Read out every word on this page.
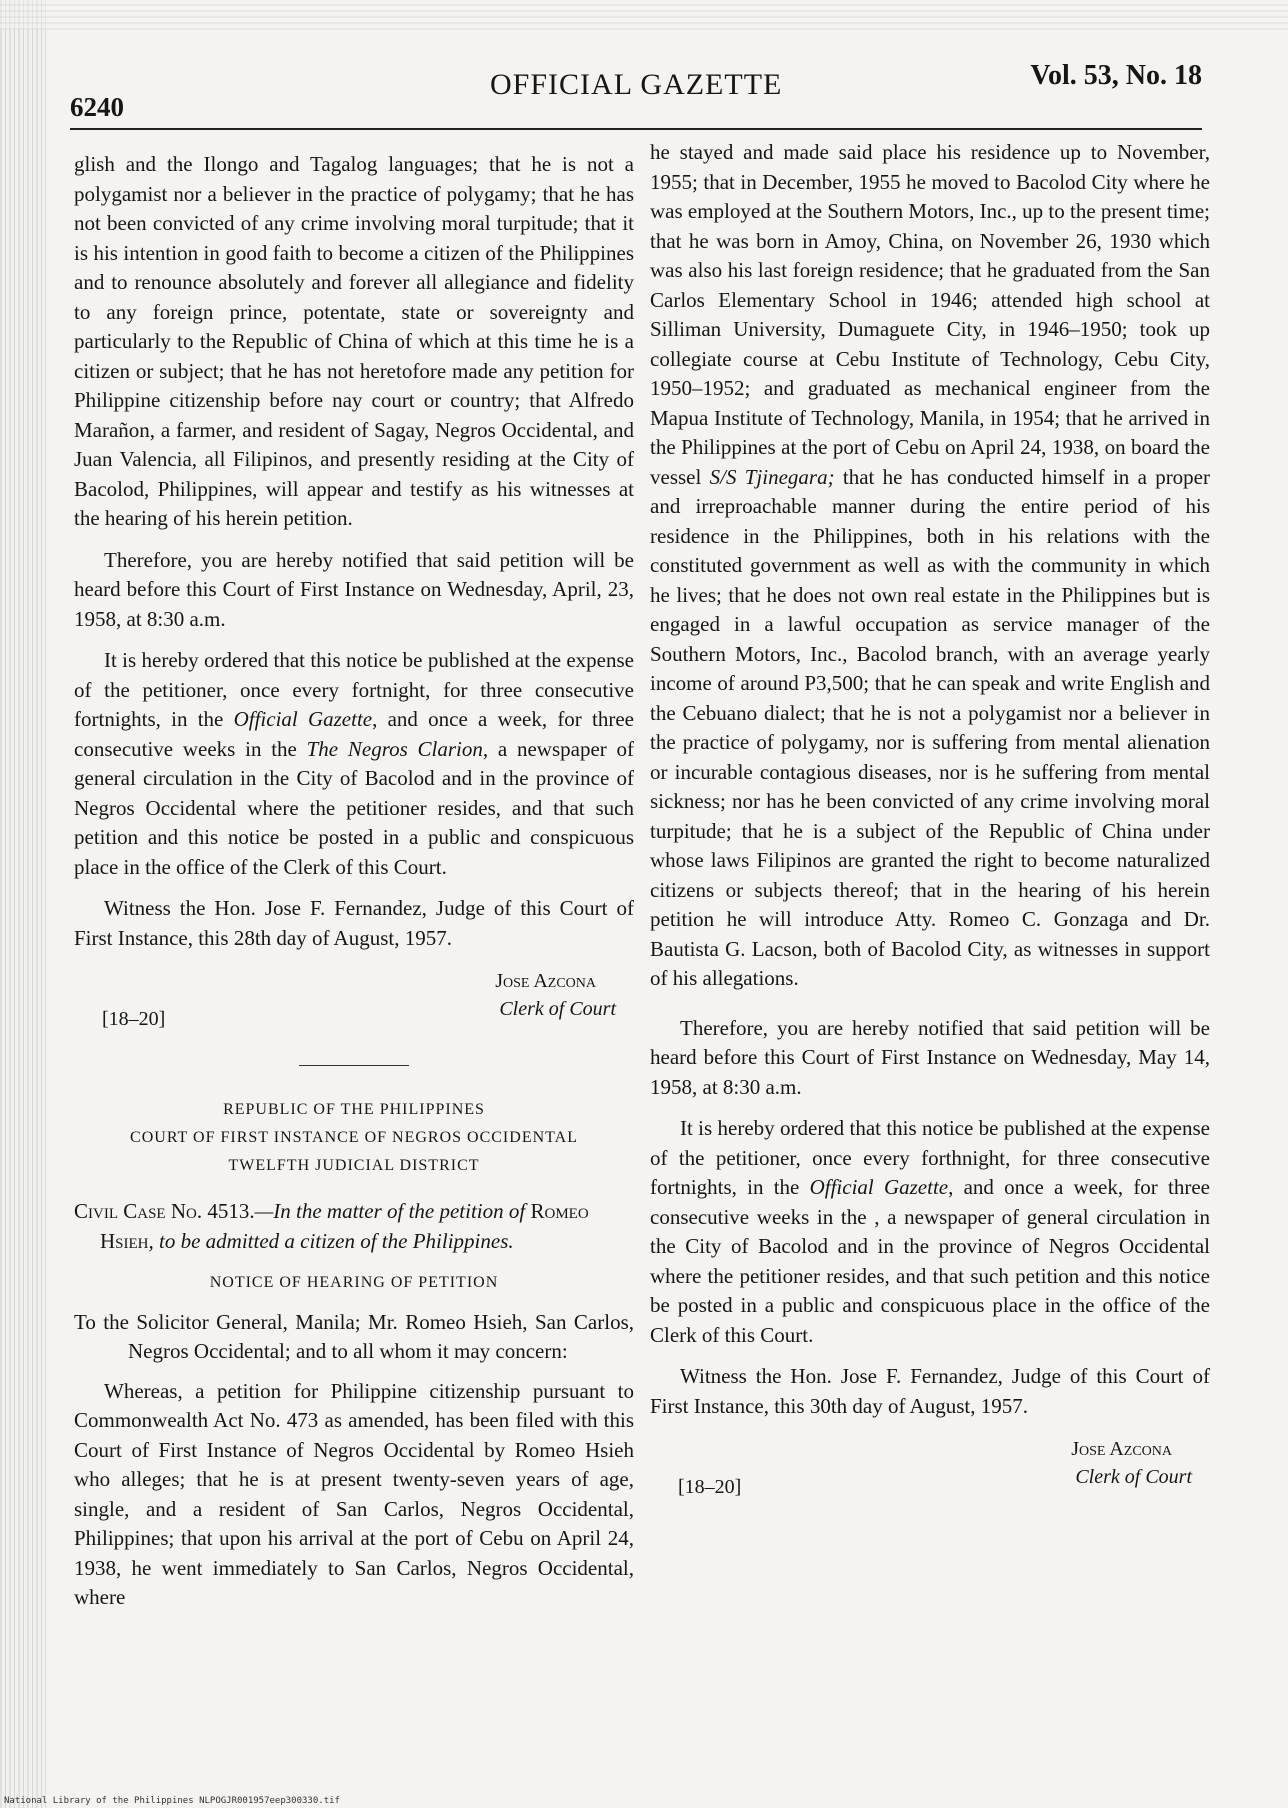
6240
OFFICIAL GAZETTE	Vol. 53, No. 18

glish and the Ilongo and Tagalog languages; that he is not a polygamist nor a believer in the practice of polygamy; that he has not been convicted of any crime involving moral turpitude; that it is his intention in good faith to become a citizen of the Philippines and to renounce absolutely and forever all allegiance and fidelity to any foreign prince, potentate, state or sovereignty and particularly to the Republic of China of which at this time he is a citizen or subject; that he has not heretofore made any petition for Philippine citizenship before nay court or country; that Alfredo Marañon, a farmer, and resident of Sagay, Negros Occidental, and Juan Valencia, all Filipinos, and presently residing at the City of Bacolod, Philippines, will appear and testify as his witnesses at the hearing of his herein petition.

Therefore, you are hereby notified that said petition will be heard before this Court of First Instance on Wednesday, April, 23, 1958, at 8:30 a.m.

It is hereby ordered that this notice be published at the expense of the petitioner, once every fortnight, for three consecutive fortnights, in the Official Gazette, and once a week, for three consecutive weeks in the The Negros Clarion, a newspaper of general circulation in the City of Bacolod and in the province of Negros Occidental where the petitioner resides, and that such petition and this notice be posted in a public and conspicuous place in the office of the Clerk of this Court.

Witness the Hon. Jose F. Fernandez, Judge of this Court of First Instance, this 28th day of August, 1957.

Jose Azcona
Clerk of Court
[18–20]
REPUBLIC OF THE PHILIPPINES
COURT OF FIRST INSTANCE OF NEGROS OCCIDENTAL
TWELFTH JUDICIAL DISTRICT
Civil Case No. 4513.—In the matter of the petition of Romeo Hsieh, to be admitted a citizen of the Philippines.
NOTICE OF HEARING OF PETITION

To the Solicitor General, Manila; Mr. Romeo Hsieh, San Carlos, Negros Occidental; and to all whom it may concern:

Whereas, a petition for Philippine citizenship pursuant to Commonwealth Act No. 473 as amended, has been filed with this Court of First Instance of Negros Occidental by Romeo Hsieh who alleges; that he is at present twenty-seven years of age, single, and a resident of San Carlos, Negros Occidental, Philippines; that upon his arrival at the port of Cebu on April 24, 1938, he went immediately to San Carlos, Negros Occidental, where

he stayed and made said place his residence up to November, 1955; that in December, 1955 he moved to Bacolod City where he was employed at the Southern Motors, Inc., up to the present time; that he was born in Amoy, China, on November 26, 1930 which was also his last foreign residence; that he graduated from the San Carlos Elementary School in 1946; attended high school at Silliman University, Dumaguete City, in 1946–1950; took up collegiate course at Cebu Institute of Technology, Cebu City, 1950–1952; and graduated as mechanical engineer from the Mapua Institute of Technology, Manila, in 1954; that he arrived in the Philippines at the port of Cebu on April 24, 1938, on board the vessel S/S Tjinegara; that he has conducted himself in a proper and irreproachable manner during the entire period of his residence in the Philippines, both in his relations with the constituted government as well as with the community in which he lives; that he does not own real estate in the Philippines but is engaged in a lawful occupation as service manager of the Southern Motors, Inc., Bacolod branch, with an average yearly income of around P3,500; that he can speak and write English and the Cebuano dialect; that he is not a polygamist nor a believer in the practice of polygamy, nor is suffering from mental alienation or incurable contagious diseases, nor is he suffering from mental sickness; nor has he been convicted of any crime involving moral turpitude; that he is a subject of the Republic of China under whose laws Filipinos are granted the right to become naturalized citizens or subjects thereof; that in the hearing of his herein petition he will introduce Atty. Romeo C. Gonzaga and Dr. Bautista G. Lacson, both of Bacolod City, as witnesses in support of his allegations.

Therefore, you are hereby notified that said petition will be heard before this Court of First Instance on Wednesday, May 14, 1958, at 8:30 a.m.

It is hereby ordered that this notice be published at the expense of the petitioner, once every forthnight, for three consecutive fortnights, in the Official Gazette, and once a week, for three consecutive weeks in the , a newspaper of general circulation in the City of Bacolod and in the province of Negros Occidental where the petitioner resides, and that such petition and this notice be posted in a public and conspicuous place in the office of the Clerk of this Court.

Witness the Hon. Jose F. Fernandez, Judge of this Court of First Instance, this 30th day of August, 1957.

Jose Azcona
Clerk of Court
[18–20]
National Library of the Philippines NLPOGJR001957eep300330.tif
